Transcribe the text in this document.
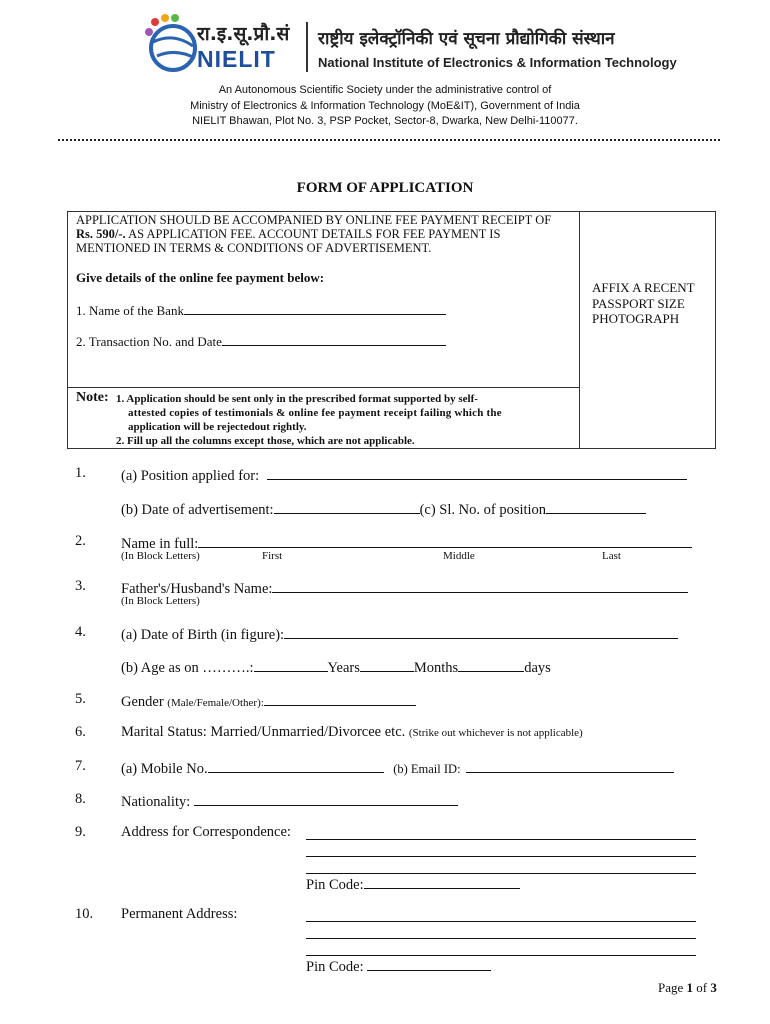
रा.इ.सू.प्रौ.सं
NIELIT
राष्ट्रीय इलेक्ट्रॉनिकी एवं सूचना प्रौद्योगिकी संस्थान
National Institute of Electronics & Information Technology
An Autonomous Scientific Society under the administrative control of
Ministry of Electronics & Information Technology (MoE&IT), Government of India
NIELIT Bhawan, Plot No. 3, PSP Pocket, Sector-8, Dwarka, New Delhi-110077.
FORM OF APPLICATION
APPLICATION SHOULD BE ACCOMPANIED BY ONLINE FEE PAYMENT RECEIPT OF
Rs. 590/-. AS APPLICATION FEE. ACCOUNT DETAILS FOR FEE PAYMENT IS
MENTIONED IN TERMS & CONDITIONS OF ADVERTISEMENT.
Give details of the online fee payment below:
1. Name of the Bank
2. Transaction No. and Date
AFFIX A RECENT
PASSPORT SIZE
PHOTOGRAPH
Note: 1. Application should be sent only in the prescribed format supported by self-
attested copies of testimonials & online fee payment receipt failing which the
application will be rejectedout rightly.
2. Fill up all the columns except those, which are not applicable.
1. (a) Position applied for:
(b) Date of advertisement:	(c) Sl. No. of position
2. Name in full:
(In Block Letters)	First	Middle	Last
3. Father's/Husband's Name:
(In Block Letters)
4. (a) Date of Birth (in figure):
(b) Age as on ……….:	Years	Months	days
5. Gender (Male/Female/Other):
6. Marital Status: Married/Unmarried/Divorcee etc. (Strike out whichever is not applicable)
7. (a) Mobile No.	(b) Email ID:
8. Nationality:
9. Address for Correspondence:
Pin Code:
10. Permanent Address:
Pin Code:
Page 1 of 3
